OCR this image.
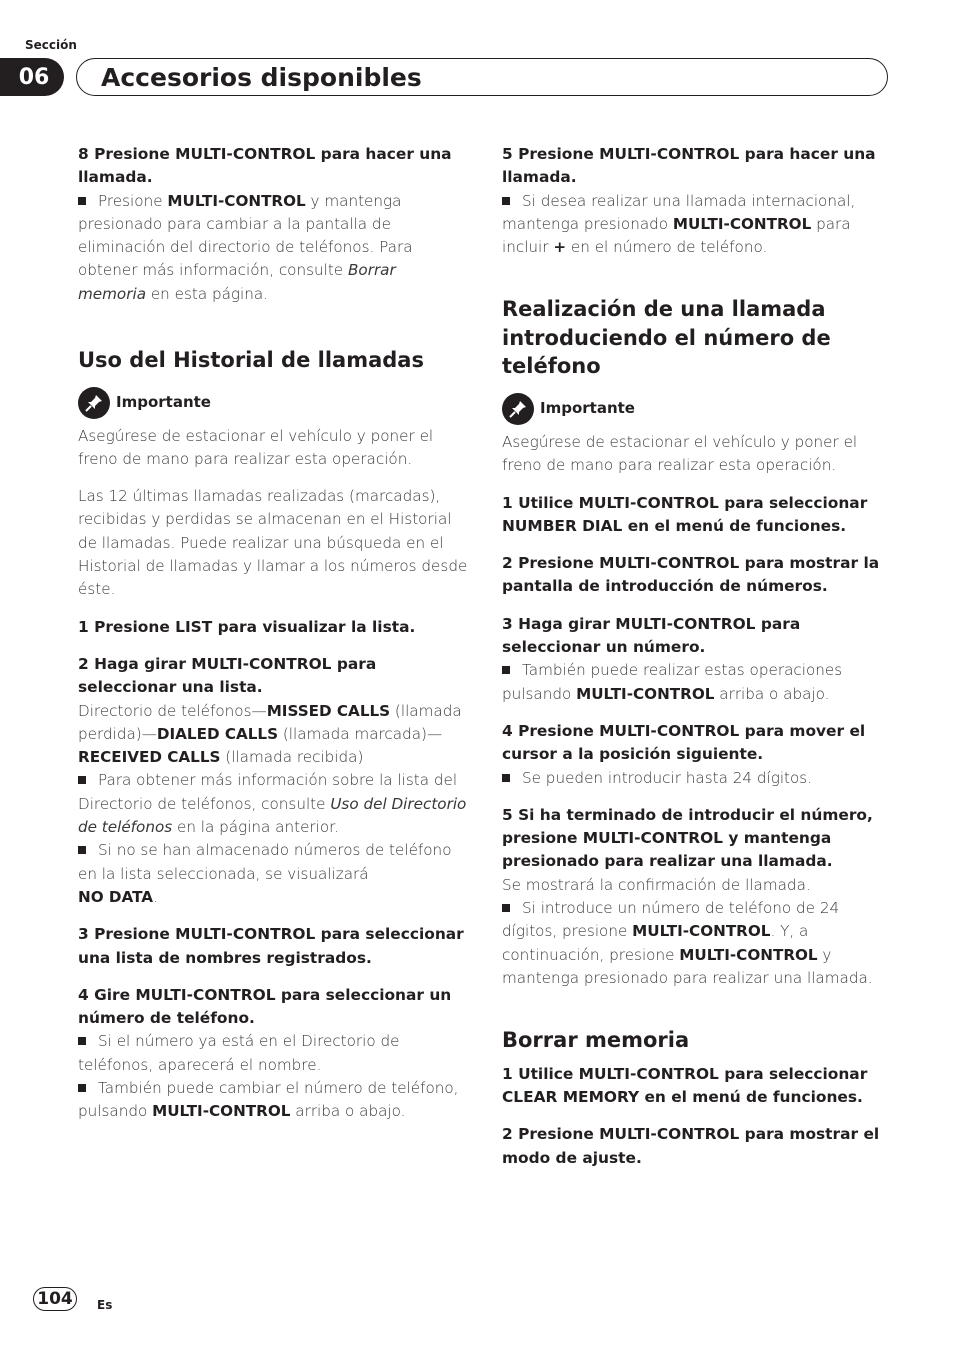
Sección
06	Accesorios disponibles

8 Presione MULTI-CONTROL para hacer una llamada.

Presione MULTI-CONTROL y mantenga presionado para cambiar a la pantalla de eliminación del directorio de teléfonos. Para obtener más información, consulte Borrar memoria en esta página.

Uso del Historial de llamadas
Importante

Asegúrese de estacionar el vehículo y poner el freno de mano para realizar esta operación.

Las 12 últimas llamadas realizadas (marcadas), recibidas y perdidas se almacenan en el Historial de llamadas. Puede realizar una búsqueda en el Historial de llamadas y llamar a los números desde éste.

1 Presione LIST para visualizar la lista.

2 Haga girar MULTI-CONTROL para seleccionar una lista.

Directorio de teléfonos—MISSED CALLS (llamada perdida)—DIALED CALLS (llamada marcada)—RECEIVED CALLS (llamada recibida)

Para obtener más información sobre la lista del Directorio de teléfonos, consulte Uso del Directorio de teléfonos en la página anterior.

Si no se han almacenado números de teléfono en la lista seleccionada, se visualizará
NO DATA.

3 Presione MULTI-CONTROL para seleccionar una lista de nombres registrados.

4 Gire MULTI-CONTROL para seleccionar un número de teléfono.

Si el número ya está en el Directorio de teléfonos, aparecerá el nombre.

También puede cambiar el número de teléfono, pulsando MULTI-CONTROL arriba o abajo.

5 Presione MULTI-CONTROL para hacer una llamada.

Si desea realizar una llamada internacional, mantenga presionado MULTI-CONTROL para incluir + en el número de teléfono.

Realización de una llamada introduciendo el número de teléfono
Importante

Asegúrese de estacionar el vehículo y poner el freno de mano para realizar esta operación.

1 Utilice MULTI-CONTROL para seleccionar NUMBER DIAL en el menú de funciones.

2 Presione MULTI-CONTROL para mostrar la pantalla de introducción de números.

3 Haga girar MULTI-CONTROL para seleccionar un número.

También puede realizar estas operaciones pulsando MULTI-CONTROL arriba o abajo.

4 Presione MULTI-CONTROL para mover el cursor a la posición siguiente.

Se pueden introducir hasta 24 dígitos.

5 Si ha terminado de introducir el número, presione MULTI-CONTROL y mantenga presionado para realizar una llamada.

Se mostrará la confirmación de llamada.

Si introduce un número de teléfono de 24 dígitos, presione MULTI-CONTROL. Y, a continuación, presione MULTI-CONTROL y mantenga presionado para realizar una llamada.

Borrar memoria

1 Utilice MULTI-CONTROL para seleccionar CLEAR MEMORY en el menú de funciones.

2 Presione MULTI-CONTROL para mostrar el modo de ajuste.

104	Es
